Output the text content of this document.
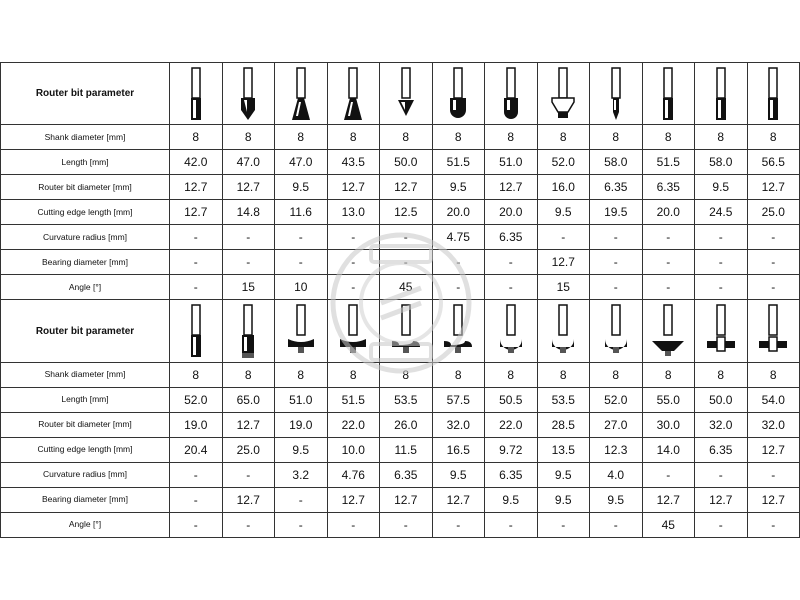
Router bit parameter	

Shank diameter [mm]	8	8	8	8	8	8	8	8	8	8	8	8
Length [mm]	42.0	47.0	47.0	43.5	50.0	51.5	51.0	52.0	58.0	51.5	58.0	56.5
Router bit diameter [mm]	12.7	12.7	9.5	12.7	12.7	9.5	12.7	16.0	6.35	6.35	9.5	12.7
Cutting edge length [mm]	12.7	14.8	11.6	13.0	12.5	20.0	20.0	9.5	19.5	20.0	24.5	25.0
Curvature radius [mm]	-	-	-	-	-	4.75	6.35	-	-	-	-	-
Bearing diameter [mm]	-	-	-	-	-	-	-	12.7	-	-	-	-
Angle [°]	-	15	10	-	45	-	-	15	-	-	-	-
Router bit parameter	

Shank diameter [mm]	8	8	8	8	8	8	8	8	8	8	8	8
Length [mm]	52.0	65.0	51.0	51.5	53.5	57.5	50.5	53.5	52.0	55.0	50.0	54.0
Router bit diameter [mm]	19.0	12.7	19.0	22.0	26.0	32.0	22.0	28.5	27.0	30.0	32.0	32.0
Cutting edge length [mm]	20.4	25.0	9.5	10.0	11.5	16.5	9.72	13.5	12.3	14.0	6.35	12.7
Curvature radius [mm]	-	-	3.2	4.76	6.35	9.5	6.35	9.5	4.0	-	-	-
Bearing diameter [mm]	-	12.7	-	12.7	12.7	12.7	9.5	9.5	9.5	12.7	12.7	12.7
Angle [°]	-	-	-	-	-	-	-	-	-	45	-	-
